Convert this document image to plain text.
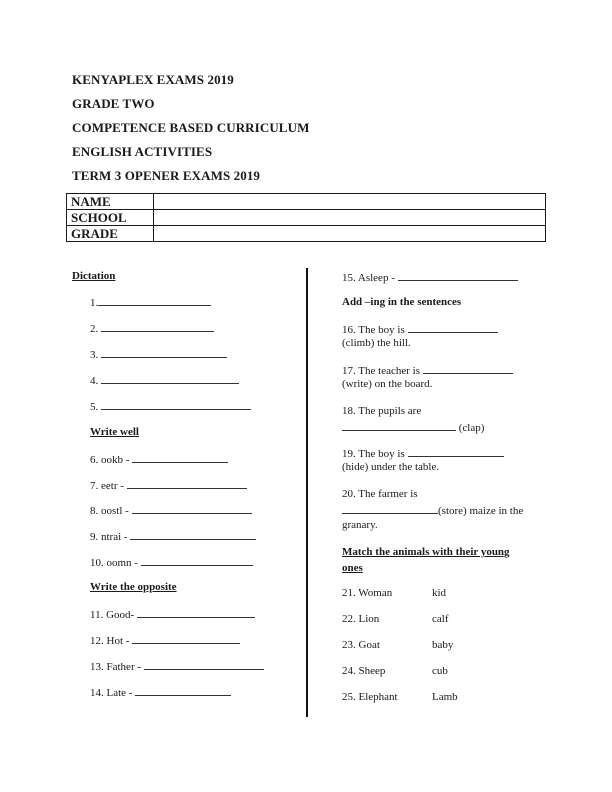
KENYAPLEX EXAMS 2019
GRADE TWO
COMPETENCE BASED CURRICULUM
ENGLISH ACTIVITIES
TERM 3 OPENER EXAMS 2019
NAME	
SCHOOL	
GRADE	
Dictation
1.
2.
3.
4.
5.
Write well
6. ookb -
7. eetr -
8. oostl -
9. ntrai -
10. oomn -
Write the opposite
11. Good-
12. Hot -
13. Father -
14. Late -
15. Asleep -
Add –ing in the sentences
16. The boy is
(climb) the hill.
17. The teacher is
(write) on the board.
18. The pupils are
(clap)
19. The boy is
(hide) under the table.
20. The farmer is
(store) maize in the
granary.
Match the animals with their young
ones
21. Woman	kid
22. Lion	calf
23. Goat	baby
24. Sheep	cub
25. Elephant	Lamb
